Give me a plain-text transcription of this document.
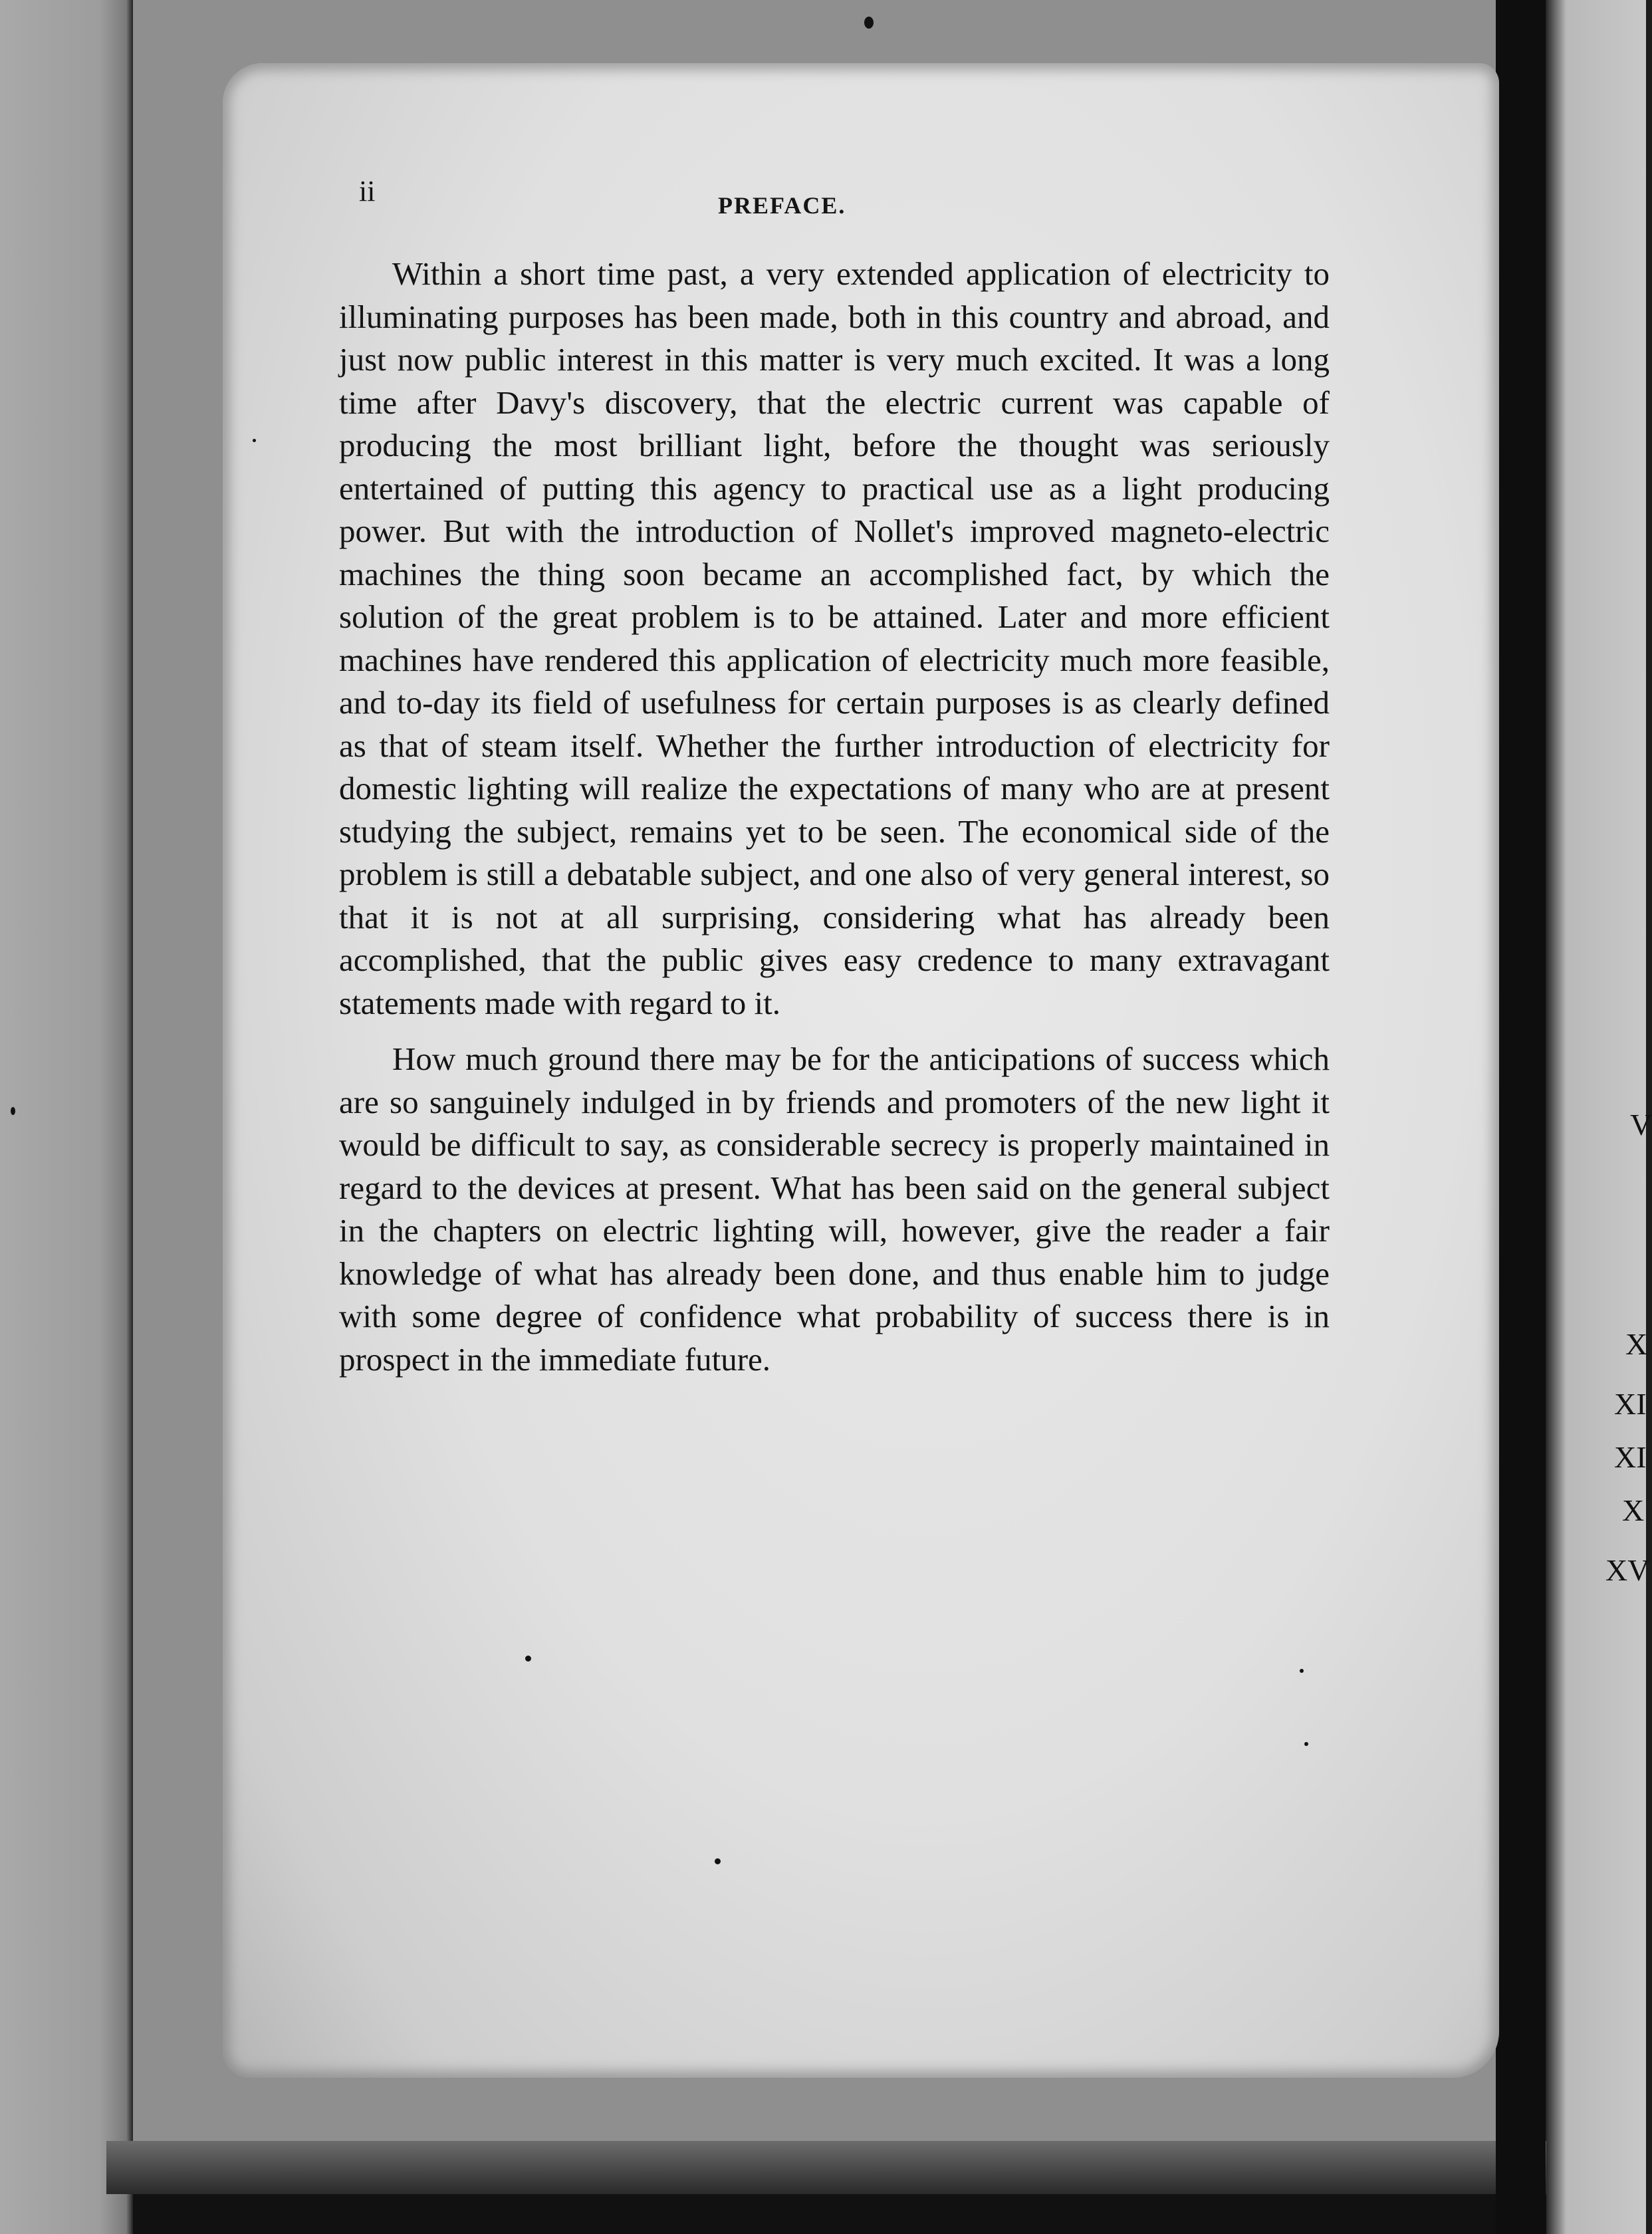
ii	PREFACE.

Within a short time past, a very extended application of electricity to illuminating purposes has been made, both in this country and abroad, and just now public interest in this matter is very much excited. It was a long time after Davy's discovery, that the electric current was capable of producing the most brilliant light, before the thought was seriously entertained of putting this agency to practical use as a light producing power. But with the introduction of Nollet's improved magneto-electric machines the thing soon became an accomplished fact, by which the solution of the great problem is to be attained. Later and more efficient machines have rendered this application of electricity much more feasible, and to-day its field of usefulness for certain purposes is as clearly defined as that of steam itself. Whether the further introduction of electricity for domestic lighting will realize the expectations of many who are at present studying the subject, remains yet to be seen. The economical side of the problem is still a debatable subject, and one also of very general interest, so that it is not at all surprising, considering what has already been accomplished, that the public gives easy credence to many extravagant statements made with regard to it.

How much ground there may be for the anticipations of success which are so sanguinely indulged in by friends and promoters of the new light it would be difficult to say, as considerable secrecy is properly maintained in regard to the devices at present. What has been said on the general subject in the chapters on electric lighting will, however, give the reader a fair knowledge of what has already been done, and thus enable him to judge with some degree of confidence what probability of success there is in prospect in the immediate future.

V
X
XI
XI
X
XV
